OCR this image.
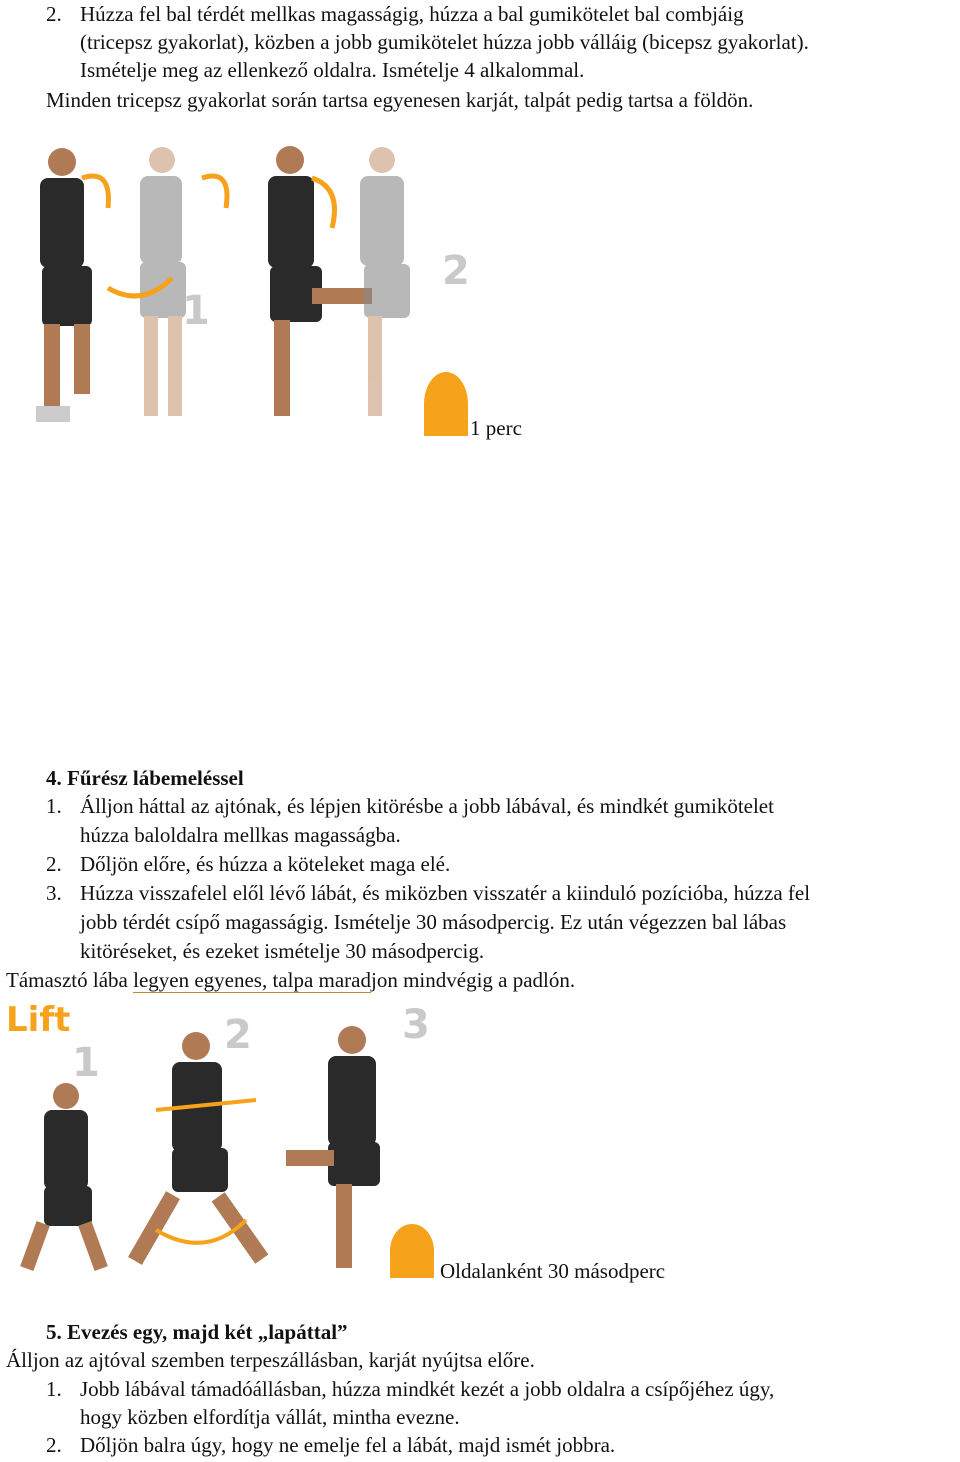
2. Húzza fel bal térdét mellkas magasságig, húzza a bal gumikötelet bal combjáig
(tricepsz gyakorlat), közben a jobb gumikötelet húzza jobb válláig (bicepsz gyakorlat).
Ismételje meg az ellenkező oldalra. Ismételje 4 alkalommal.
Minden tricepsz gyakorlat során tartsa egyenesen karját, talpát pedig tartsa a földön.
1
2
1 perc
4. Fűrész lábemeléssel
1. Álljon háttal az ajtónak, és lépjen kitörésbe a jobb lábával, és mindkét gumikötelet
húzza baloldalra mellkas magasságba.
2. Dőljön előre, és húzza a köteleket maga elé.
3. Húzza visszafelel elől lévő lábát, és miközben visszatér a kiinduló pozícióba, húzza fel
jobb térdét csípő magasságig. Ismételje 30 másodpercig. Ez után végezzen bal lábas
kitöréseket, és ezeket ismételje 30 másodpercig.
Támasztó lába legyen egyenes, talpa maradjon mindvégig a padlón.
Lift
1
2	3
Oldalanként 30 másodperc
5. Evezés egy, majd két „lapáttal”
Álljon az ajtóval szemben terpeszállásban, karját nyújtsa előre.
1. Jobb lábával támadóállásban, húzza mindkét kezét a jobb oldalra a csípőjéhez úgy,
hogy közben elfordítja vállát, mintha evezne.
2. Dőljön balra úgy, hogy ne emelje fel a lábát, majd ismét jobbra.
